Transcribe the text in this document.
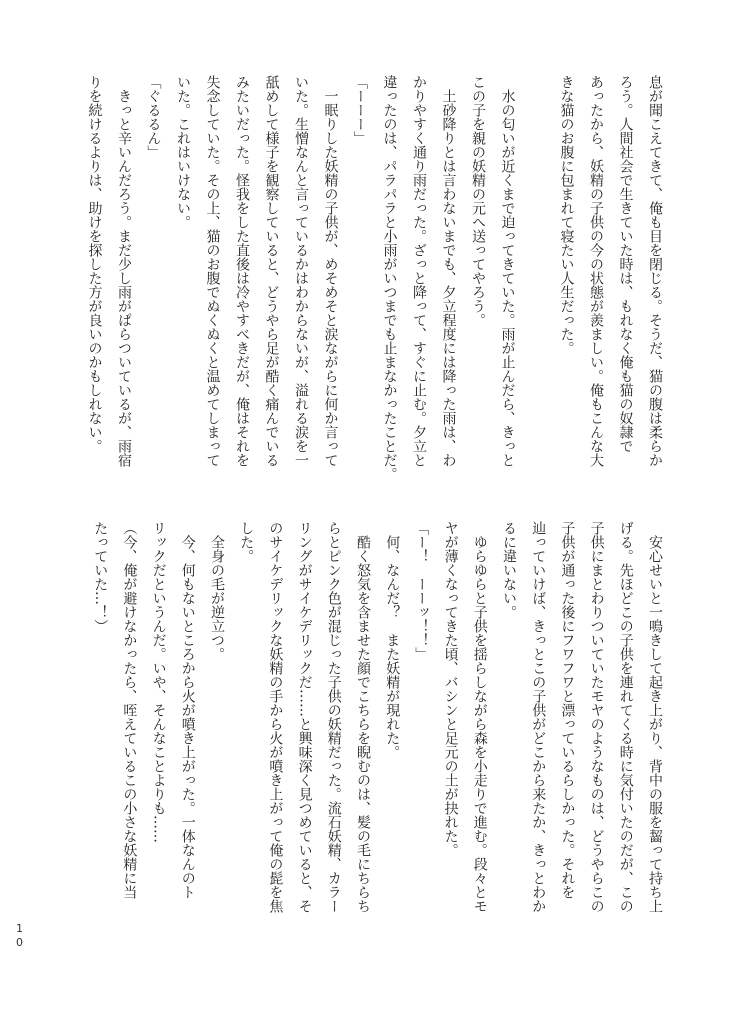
息が聞こえてきて、俺も目を閉じる。そうだ、猫の腹は柔らか
ろう。人間社会で生きていた時は、もれなく俺も猫の奴隷で
あったから、妖精の子供の今の状態が羨ましい。俺もこんな大
きな猫のお腹に包まれて寝たい人生だった。
　水の匂いが近くまで迫ってきていた。雨が止んだら、きっと
この子を親の妖精の元へ送ってやろう。
　土砂降りとは言わないまでも、夕立程度には降った雨は、わ
かりやすく通り雨だった。ざっと降って、すぐに止む。夕立と
違ったのは、パラパラと小雨がいつまでも止まなかったことだ。
「ーーー」
　一眠りした妖精の子供が、めそめそと涙ながらに何か言って
いた。生憎なんと言っているかはわからないが、溢れる涙を一
舐めして様子を観察していると、どうやら足が酷く痛んでいる
みたいだった。怪我をした直後は冷やすべきだが、俺はそれを
失念していた。その上、猫のお腹でぬくぬくと温めてしまって
いた。これはいけない。
「ぐるるん」
　きっと辛いんだろう。まだ少し雨がぱらついているが、雨宿
りを続けるよりは、助けを探した方が良いのかもしれない。
　安心せいと一鳴きして起き上がり、背中の服を齧って持ち上
げる。先ほどこの子供を連れてくる時に気付いたのだが、この
子供にまとわりついていたモヤのようなものは、どうやらこの
子供が通った後にフワフワと漂っているらしかった。それを
辿っていけば、きっとこの子供がどこから来たか、きっとわか
るに違いない。
　ゆらゆらと子供を揺らしながら森を小走りで進む。段々とモ
ヤが薄くなってきた頃、バシンと足元の土が抉れた。
「ー！　ーーッ！！」
　何、なんだ？　また妖精が現れた。
　酷く怒気を含ませた顔でこちらを睨むのは、髪の毛にちらち
らとピンク色が混じった子供の妖精だった。流石妖精、カラー
リングがサイケデリックだ……と興味深く見つめていると、そ
のサイケデリックな妖精の手から火が噴き上がって俺の髭を焦
した。
　全身の毛が逆立つ。
　今、何もないところから火が噴き上がった。一体なんのト
リックだというんだ。いや、そんなことよりも……
（今、俺が避けなかったら、咥えているこの小さな妖精に当
たっていた…！）
10
